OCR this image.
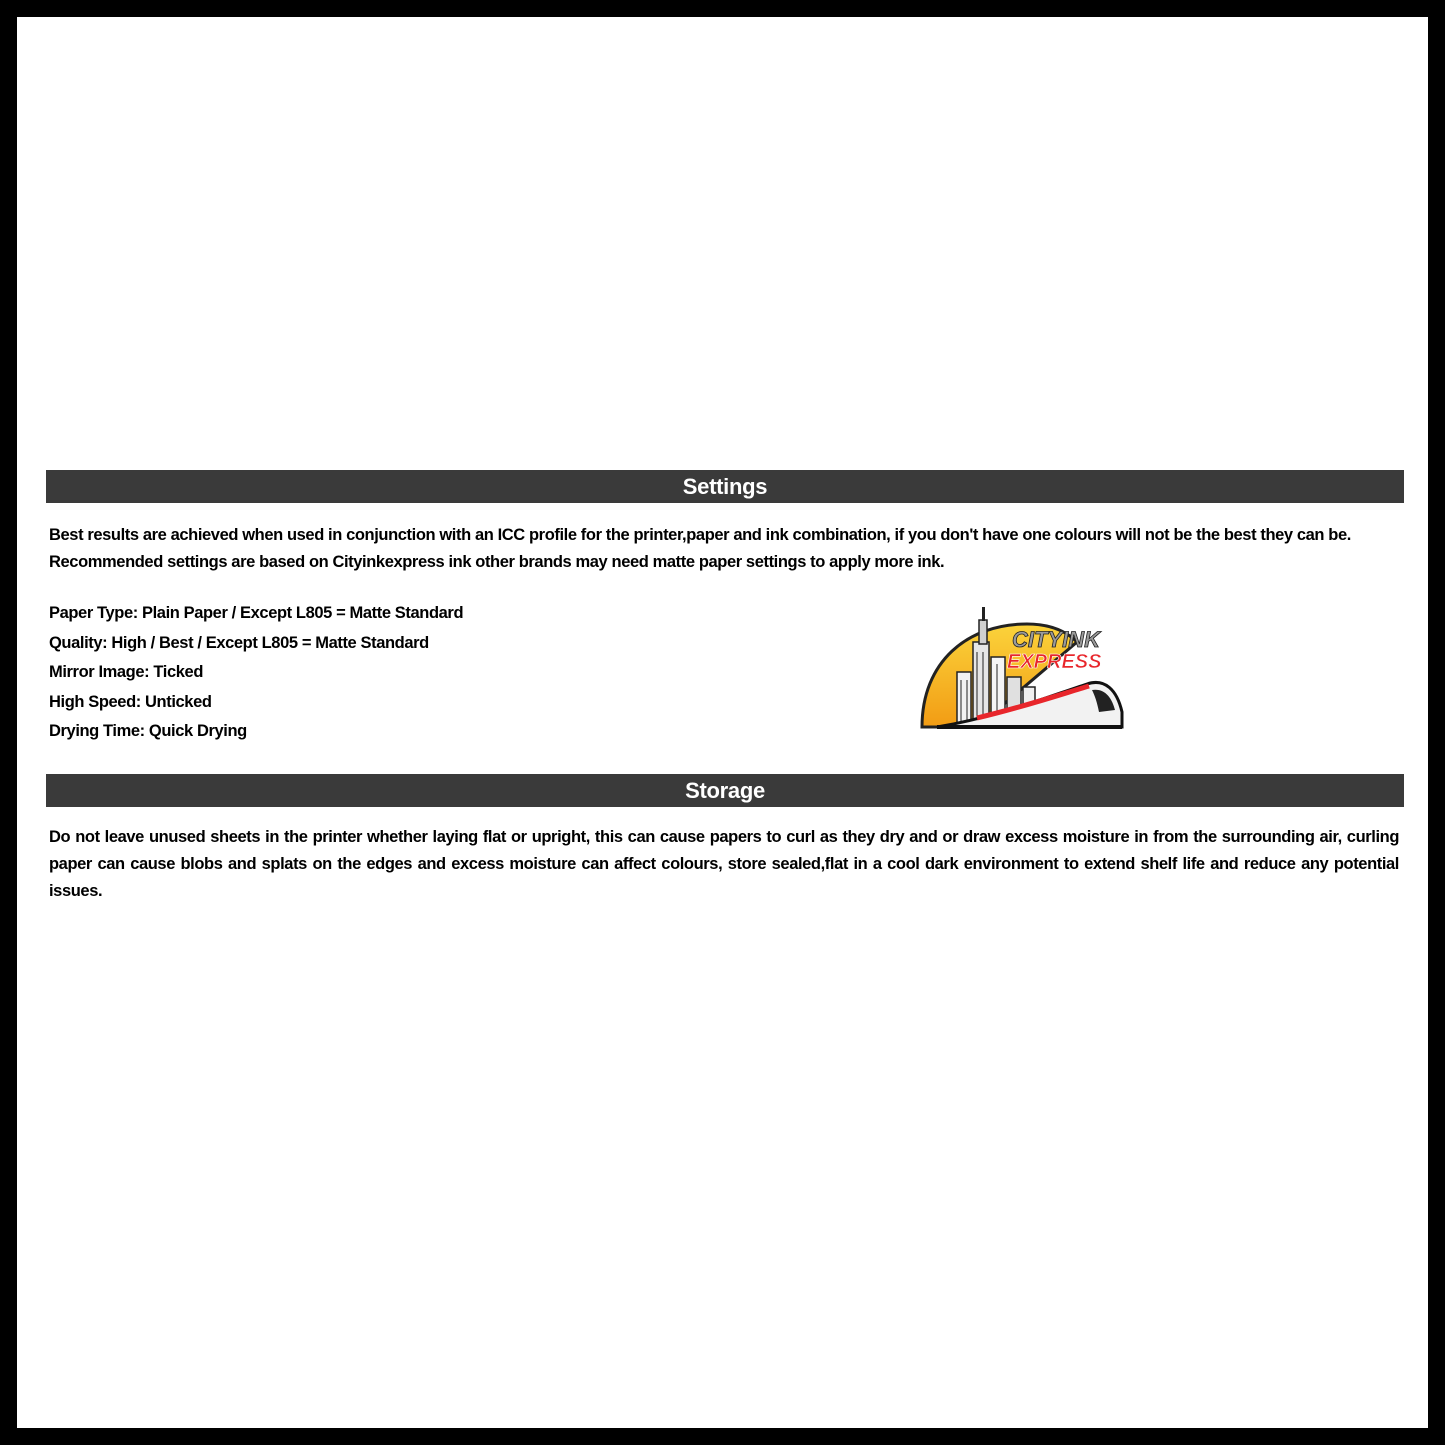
Settings

Best results are achieved when used in conjunction with an ICC profile for the printer,paper and ink combination, if you don't have one colours will not be the best they can be.

Recommended settings are based on Cityinkexpress ink other brands may need matte paper settings to apply more ink.

Paper Type: Plain Paper / Except L805 = Matte Standard
Quality: High / Best / Except L805 = Matte Standard
Mirror Image: Ticked
High Speed: Unticked
Drying Time: Quick Drying
CITYINK
EXPRESS
Storage

Do not leave unused sheets in the printer whether laying flat or upright, this can cause papers to curl as they dry and or draw excess moisture in from the surrounding air, curling paper can cause blobs and splats on the edges and excess moisture can affect colours, store sealed,flat in a cool dark environment to extend shelf life and reduce any potential issues.
